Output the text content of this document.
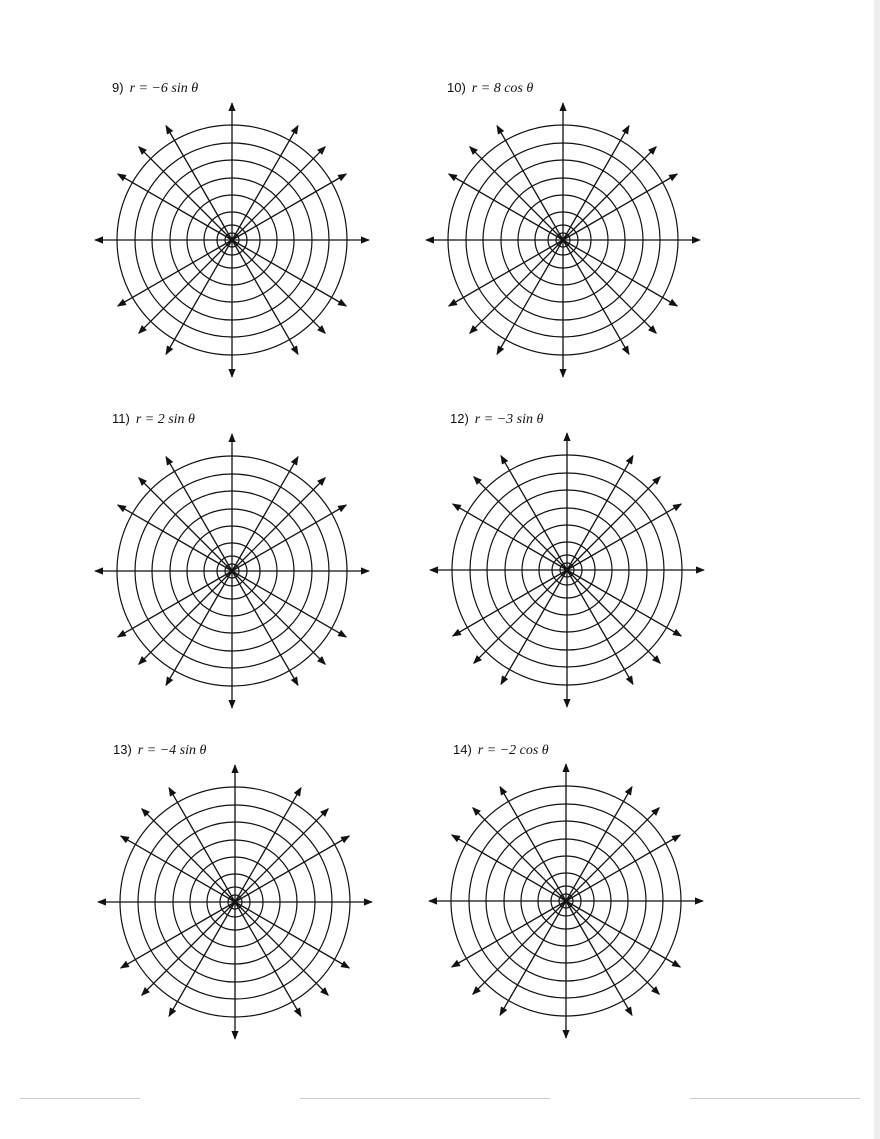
9) r = −6 sin θ	10) r = 8 cos θ
11) r = 2 sin θ	12) r = −3 sin θ
13) r = −4 sin θ	14) r = −2 cos θ
